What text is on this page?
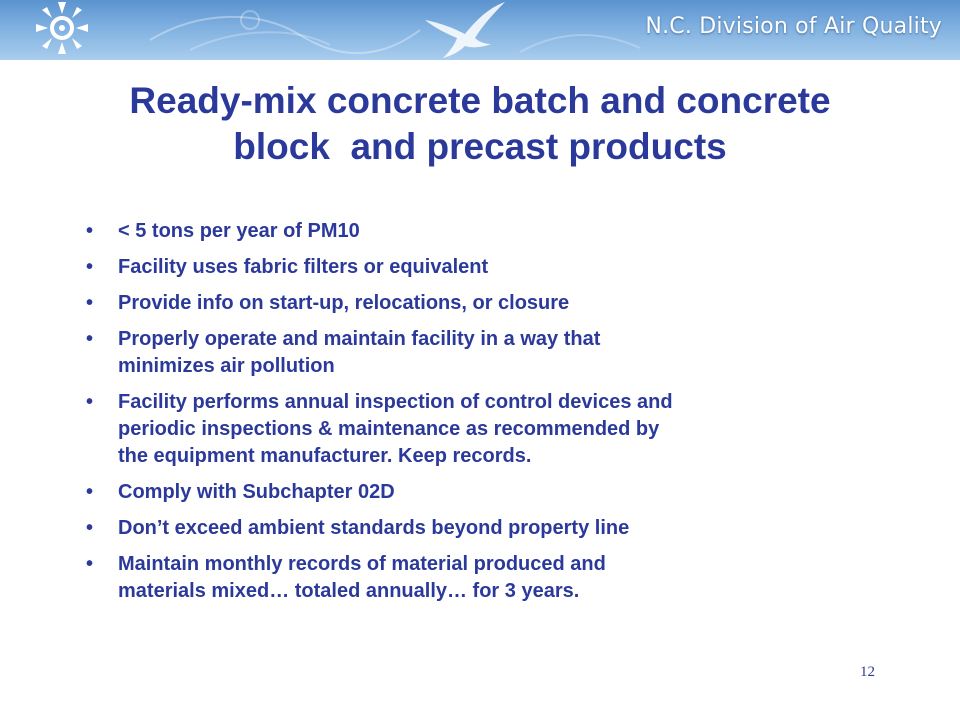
N.C. Division of Air Quality
Ready-mix concrete batch and concrete
block  and precast products
• < 5 tons per year of PM10
• Facility uses fabric filters or equivalent
• Provide info on start-up, relocations, or closure
• Properly operate and maintain facility in a way that
minimizes air pollution
• Facility performs annual inspection of control devices and
periodic inspections & maintenance as recommended by
the equipment manufacturer. Keep records.
• Comply with Subchapter 02D
• Don’t exceed ambient standards beyond property line
• Maintain monthly records of material produced and
materials mixed… totaled annually… for 3 years.
12
